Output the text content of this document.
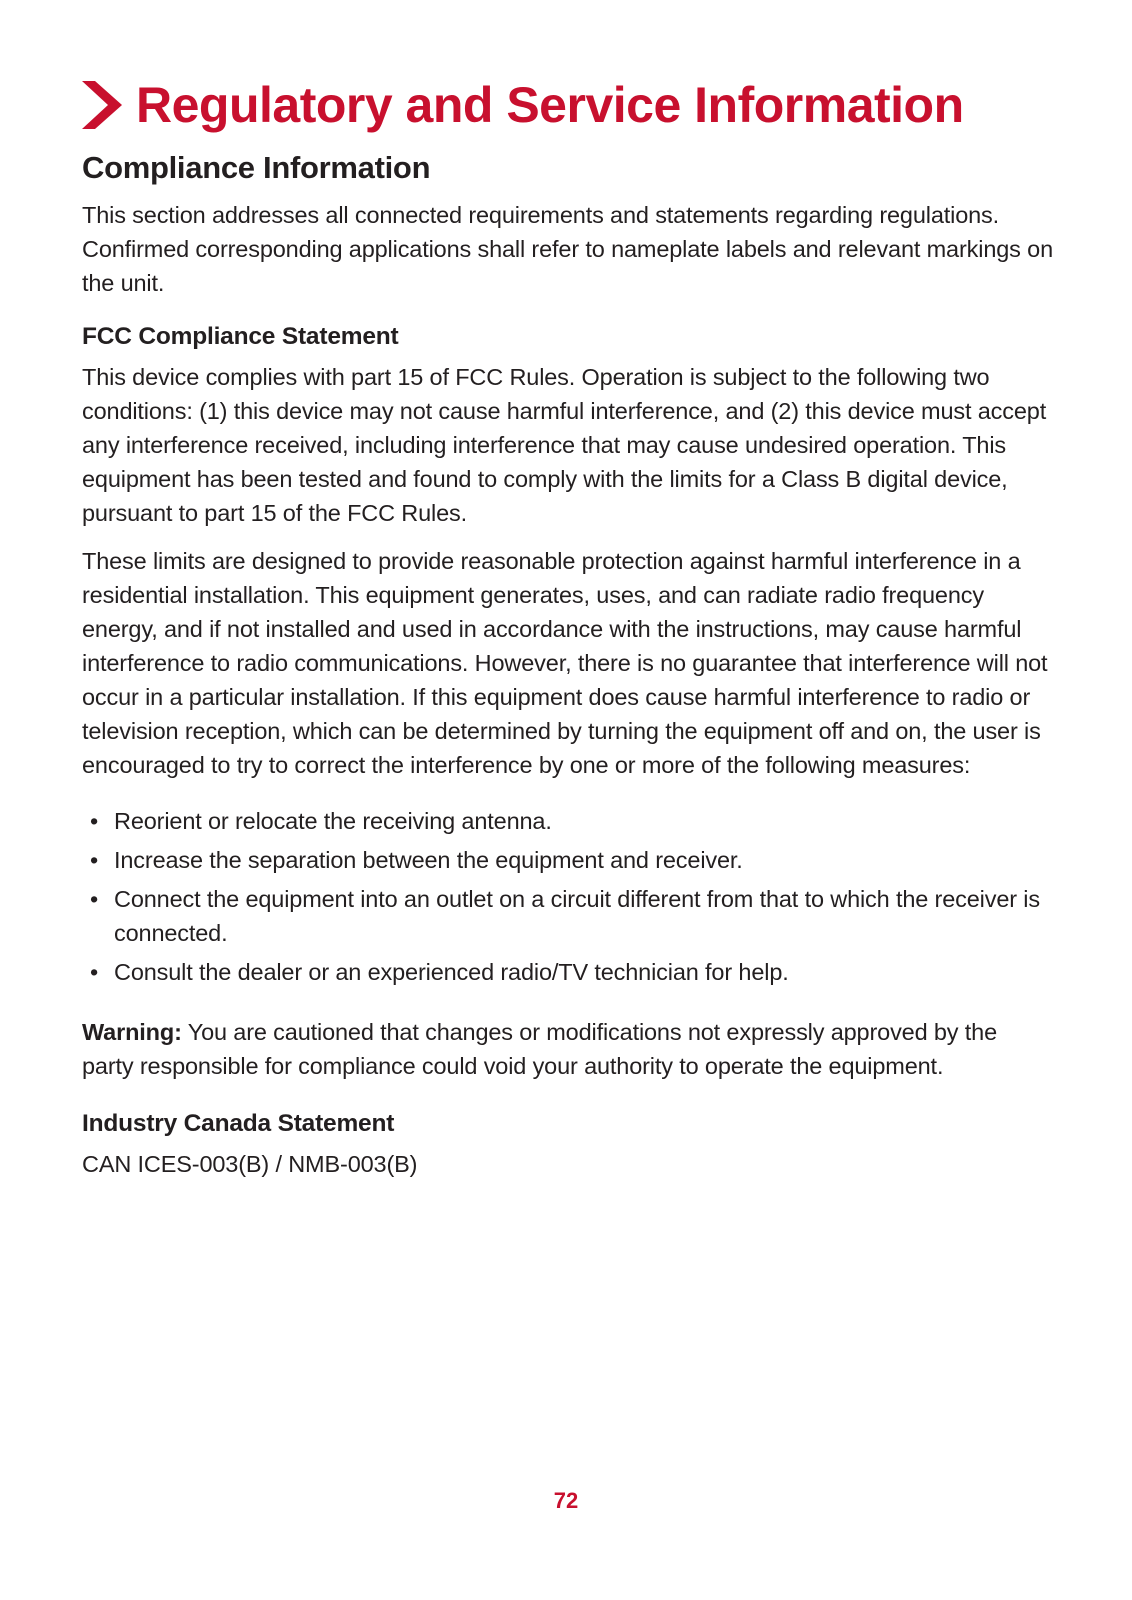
Regulatory and Service Information
Compliance Information

This section addresses all connected requirements and statements regarding regulations. Confirmed corresponding applications shall refer to nameplate labels and relevant markings on the unit.

FCC Compliance Statement

This device complies with part 15 of FCC Rules. Operation is subject to the following two conditions: (1) this device may not cause harmful interference, and (2) this device must accept any interference received, including interference that may cause undesired operation. This equipment has been tested and found to comply with the limits for a Class B digital device, pursuant to part 15 of the FCC Rules.

These limits are designed to provide reasonable protection against harmful interference in a residential installation. This equipment generates, uses, and can radiate radio frequency energy, and if not installed and used in accordance with the instructions, may cause harmful interference to radio communications. However, there is no guarantee that interference will not occur in a particular installation. If this equipment does cause harmful interference to radio or television reception, which can be determined by turning the equipment off and on, the user is encouraged to try to correct the interference by one or more of the following measures:

• Reorient or relocate the receiving antenna.
• Increase the separation between the equipment and receiver.
• Connect the equipment into an outlet on a circuit different from that to which the receiver is connected.
• Consult the dealer or an experienced radio/TV technician for help.

Warning: You are cautioned that changes or modifications not expressly approved by the party responsible for compliance could void your authority to operate the equipment.

Industry Canada Statement

CAN ICES-003(B) / NMB-003(B)

72
